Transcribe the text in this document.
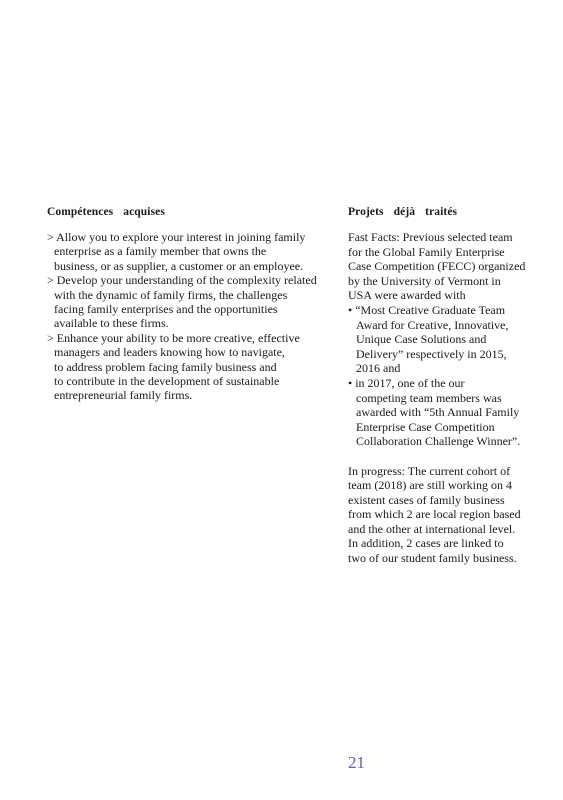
Compétences acquises
> Allow you to explore your interest in joining family
enterprise as a family member that owns the
business, or as supplier, a customer or an employee.
> Develop your understanding of the complexity related
with the dynamic of family firms, the challenges
facing family enterprises and the opportunities
available to these firms.
> Enhance your ability to be more creative, effective
managers and leaders knowing how to navigate,
to address problem facing family business and
to contribute in the development of sustainable
entrepreneurial family firms.
Projets déjà traités
Fast Facts: Previous selected team
for the Global Family Enterprise
Case Competition (FECC) organized
by the University of Vermont in
USA were awarded with
• “Most Creative Graduate Team
Award for Creative, Innovative,
Unique Case Solutions and
Delivery” respectively in 2015,
2016 and
• in 2017, one of the our
competing team members was
awarded with “5th Annual Family
Enterprise Case Competition
Collaboration Challenge Winner”.
In progress: The current cohort of
team (2018) are still working on 4
existent cases of family business
from which 2 are local region based
and the other at international level.
In addition, 2 cases are linked to
two of our student family business.
21
